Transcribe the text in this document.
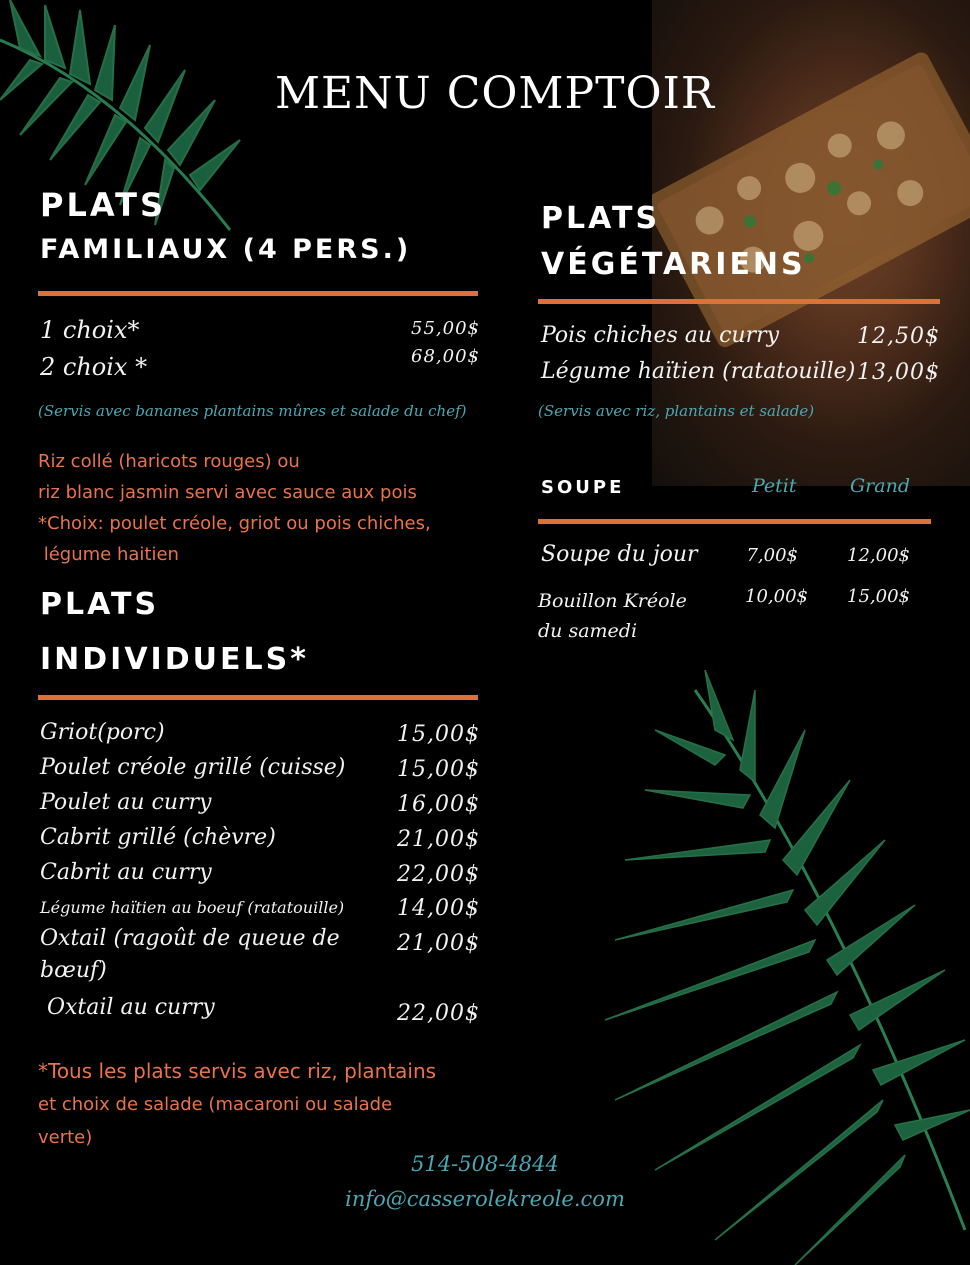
MENU COMPTOIR
PLATS
FAMILIAUX (4 PERS.)
1 choix*	55,00$
2 choix *	68,00$
(Servis avec bananes plantains mûres et salade du chef)
Riz collé (haricots rouges) ou
riz blanc jasmin servi avec sauce aux pois
*Choix: poulet créole, griot ou pois chiches,
légume haitien
PLATS
INDIVIDUELS*
Griot(porc)	15,00$
Poulet créole grillé (cuisse)	15,00$
Poulet au curry	16,00$
Cabrit grillé (chèvre)	21,00$
Cabrit au curry	22,00$
Légume haïtien au boeuf (ratatouille)	14,00$
Oxtail (ragoût de queue de
bœuf)
21,00$
Oxtail au curry	22,00$
*Tous les plats servis avec riz, plantains
et choix de salade (macaroni ou salade
verte)
PLATS
VÉGÉTARIENS
Pois chiches au curry	12,50$
Légume haïtien (ratatouille) 13,00$
(Servis avec riz, plantains et salade)
SOUPE	Petit	Grand
Soupe du jour	7,00$	12,00$
Bouillon Kréole
du samedi
10,00$	15,00$
514-508-4844
info@casserolekreole.com
